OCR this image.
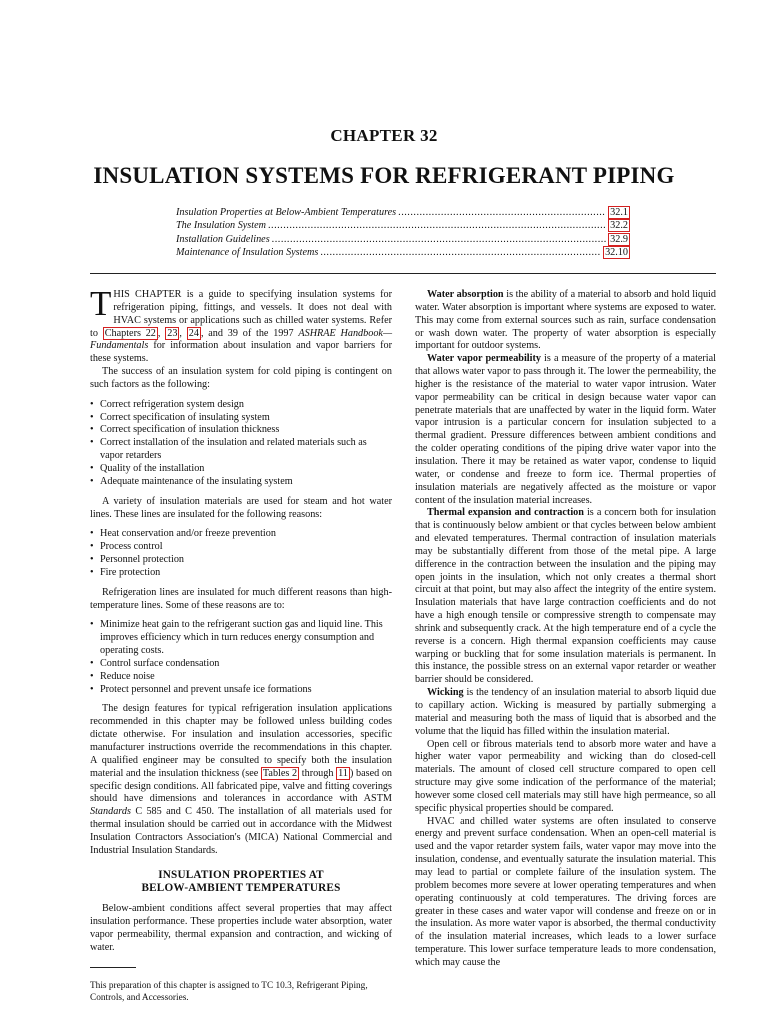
CHAPTER 32
INSULATION SYSTEMS FOR REFRIGERANT PIPING
Insulation Properties at Below-Ambient Temperatures .....	32.1
The Insulation System .....	32.2
Installation Guidelines .....	32.9
Maintenance of Insulation Systems .....	32.10

THIS CHAPTER is a guide to specifying insulation systems for refrigeration piping, fittings, and vessels. It does not deal with HVAC systems or applications such as chilled water systems. Refer to Chapters 22 , 23 , 24 , and 39 of the 1997 ASHRAE Handbook—Fundamentals for information about insulation and vapor barriers for these systems.

The success of an insulation system for cold piping is contingent on such factors as the following:

• Correct refrigeration system design
• Correct specification of insulating system
• Correct specification of insulation thickness
• Correct installation of the insulation and related materials such as vapor retarders
• Quality of the installation
• Adequate maintenance of the insulating system

A variety of insulation materials are used for steam and hot water lines. These lines are insulated for the following reasons:

• Heat conservation and/or freeze prevention
• Process control
• Personnel protection
• Fire protection

Refrigeration lines are insulated for much different reasons than high-temperature lines. Some of these reasons are to:

• Minimize heat gain to the refrigerant suction gas and liquid line. This improves efficiency which in turn reduces energy consumption and operating costs.
• Control surface condensation
• Reduce noise
• Protect personnel and prevent unsafe ice formations

The design features for typical refrigeration insulation applications recommended in this chapter may be followed unless building codes dictate otherwise. For insulation and insulation accessories, specific manufacturer instructions override the recommendations in this chapter. A qualified engineer may be consulted to specify both the insulation material and the insulation thickness (see Tables 2 through 11 ) based on specific design conditions. All fabricated pipe, valve and fitting coverings should have dimensions and tolerances in accordance with ASTM Standards C 585 and C 450. The installation of all materials used for thermal insulation should be carried out in accordance with the Midwest Insulation Contractors Association's (MICA) National Commercial and Industrial Insulation Standards.

INSULATION PROPERTIES AT
BELOW-AMBIENT TEMPERATURES

Below-ambient conditions affect several properties that may affect insulation performance. These properties include water absorption, water vapor permeability, thermal expansion and contraction, and wicking of water.

This preparation of this chapter is assigned to TC 10.3, Refrigerant Piping, Controls, and Accessories.

Water absorption is the ability of a material to absorb and hold liquid water. Water absorption is important where systems are exposed to water. This may come from external sources such as rain, surface condensation or wash down water. The property of water absorption is especially important for outdoor systems.

Water vapor permeability is a measure of the property of a material that allows water vapor to pass through it. The lower the permeability, the higher is the resistance of the material to water vapor intrusion. Water vapor permeability can be critical in design because water vapor can penetrate materials that are unaffected by water in the liquid form. Water vapor intrusion is a particular concern for insulation subjected to a thermal gradient. Pressure differences between ambient conditions and the colder operating conditions of the piping drive water vapor into the insulation. There it may be retained as water vapor, condense to liquid water, or condense and freeze to form ice. Thermal properties of insulation materials are negatively affected as the moisture or vapor content of the insulation material increases.

Thermal expansion and contraction is a concern both for insulation that is continuously below ambient or that cycles between below ambient and elevated temperatures. Thermal contraction of insulation materials may be substantially different from those of the metal pipe. A large difference in the contraction between the insulation and the piping may open joints in the insulation, which not only creates a thermal short circuit at that point, but may also affect the integrity of the entire system. Insulation materials that have large contraction coefficients and do not have a high enough tensile or compressive strength to compensate may shrink and subsequently crack. At the high temperature end of a cycle the reverse is a concern. High thermal expansion coefficients may cause warping or buckling that for some insulation materials is permanent. In this instance, the possible stress on an external vapor retarder or weather barrier should be considered.

Wicking is the tendency of an insulation material to absorb liquid due to capillary action. Wicking is measured by partially submerging a material and measuring both the mass of liquid that is absorbed and the volume that the liquid has filled within the insulation material.

Open cell or fibrous materials tend to absorb more water and have a higher water vapor permeability and wicking than do closed-cell materials. The amount of closed cell structure compared to open cell structure may give some indication of the performance of the material; however some closed cell materials may still have high permeance, so all specific physical properties should be compared.

HVAC and chilled water systems are often insulated to conserve energy and prevent surface condensation. When an open-cell material is used and the vapor retarder system fails, water vapor may move into the insulation, condense, and eventually saturate the insulation material. This may lead to partial or complete failure of the insulation system. The problem becomes more severe at lower operating temperatures and when operating continuously at cold temperatures. The driving forces are greater in these cases and water vapor will condense and freeze on or in the insulation. As more water vapor is absorbed, the thermal conductivity of the insulation material increases, which leads to a lower surface temperature. This lower surface temperature leads to more condensation, which may cause the
